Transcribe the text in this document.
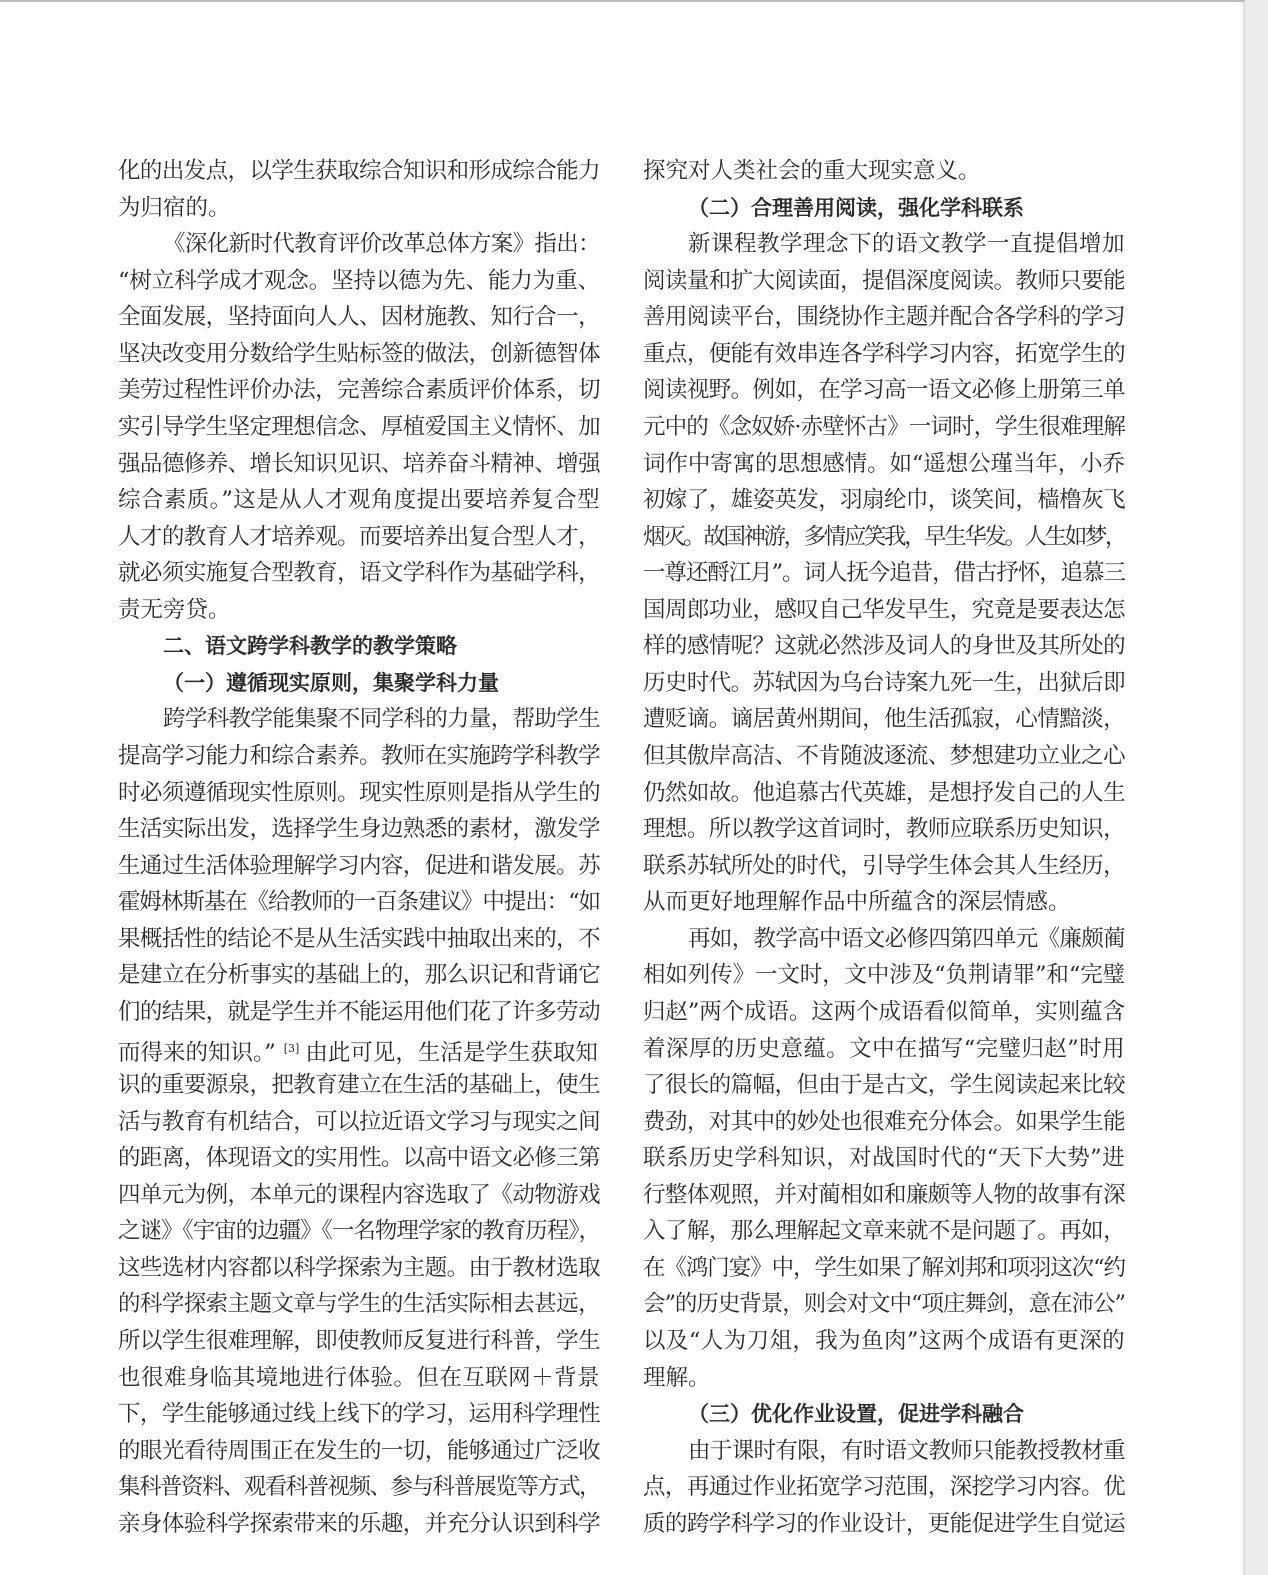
化的出发点，以学生获取综合知识和形成综合能力
为归宿的。
《深化新时代教育评价改革总体方案》指出：
“树立科学成才观念。坚持以德为先、能力为重、
全面发展，坚持面向人人、因材施教、知行合一，
坚决改变用分数给学生贴标签的做法，创新德智体
美劳过程性评价办法，完善综合素质评价体系，切
实引导学生坚定理想信念、厚植爱国主义情怀、加
强品德修养、增长知识见识、培养奋斗精神、增强
综合素质。”这是从人才观角度提出要培养复合型
人才的教育人才培养观。而要培养出复合型人才，
就必须实施复合型教育，语文学科作为基础学科，
责无旁贷。
二、语文跨学科教学的教学策略
（一）遵循现实原则，集聚学科力量
跨学科教学能集聚不同学科的力量，帮助学生
提高学习能力和综合素养。教师在实施跨学科教学
时必须遵循现实性原则。现实性原则是指从学生的
生活实际出发，选择学生身边熟悉的素材，激发学
生通过生活体验理解学习内容，促进和谐发展。苏
霍姆林斯基在《给教师的一百条建议》中提出：“如
果概括性的结论不是从生活实践中抽取出来的，不
是建立在分析事实的基础上的，那么识记和背诵它
们的结果，就是学生并不能运用他们花了许多劳动
而得来的知识。” [3] 由此可见，生活是学生获取知
识的重要源泉，把教育建立在生活的基础上，使生
活与教育有机结合，可以拉近语文学习与现实之间
的距离，体现语文的实用性。以高中语文必修三第
四单元为例，本单元的课程内容选取了《动物游戏
之谜》《宇宙的边疆》《一名物理学家的教育历程》，
这些选材内容都以科学探索为主题。由于教材选取
的科学探索主题文章与学生的生活实际相去甚远，
所以学生很难理解，即使教师反复进行科普，学生
也很难身临其境地进行体验。但在互联网＋背景
下，学生能够通过线上线下的学习，运用科学理性
的眼光看待周围正在发生的一切，能够通过广泛收
集科普资料、观看科普视频、参与科普展览等方式，
亲身体验科学探索带来的乐趣，并充分认识到科学
探究对人类社会的重大现实意义。
（二）合理善用阅读，强化学科联系
新课程教学理念下的语文教学一直提倡增加
阅读量和扩大阅读面，提倡深度阅读。教师只要能
善用阅读平台，围绕协作主题并配合各学科的学习
重点，便能有效串连各学科学习内容，拓宽学生的
阅读视野。例如，在学习高一语文必修上册第三单
元中的《念奴娇·赤壁怀古》一词时，学生很难理解
词作中寄寓的思想感情。如“遥想公瑾当年，小乔
初嫁了，雄姿英发，羽扇纶巾，谈笑间，樯橹灰飞
烟灭。故国神游，多情应笑我，早生华发。人生如梦，
一尊还酹江月”。词人抚今追昔，借古抒怀，追慕三
国周郎功业，感叹自己华发早生，究竟是要表达怎
样的感情呢？这就必然涉及词人的身世及其所处的
历史时代。苏轼因为乌台诗案九死一生，出狱后即
遭贬谪。谪居黄州期间，他生活孤寂，心情黯淡，
但其傲岸高洁、不肯随波逐流、梦想建功立业之心
仍然如故。他追慕古代英雄，是想抒发自己的人生
理想。所以教学这首词时，教师应联系历史知识，
联系苏轼所处的时代，引导学生体会其人生经历，
从而更好地理解作品中所蕴含的深层情感。
再如，教学高中语文必修四第四单元《廉颇蔺
相如列传》一文时，文中涉及“负荆请罪”和“完璧
归赵”两个成语。这两个成语看似简单，实则蕴含
着深厚的历史意蕴。文中在描写“完璧归赵”时用
了很长的篇幅，但由于是古文，学生阅读起来比较
费劲，对其中的妙处也很难充分体会。如果学生能
联系历史学科知识，对战国时代的“天下大势”进
行整体观照，并对蔺相如和廉颇等人物的故事有深
入了解，那么理解起文章来就不是问题了。再如，
在《鸿门宴》中，学生如果了解刘邦和项羽这次“约
会”的历史背景，则会对文中“项庄舞剑，意在沛公”
以及“人为刀俎，我为鱼肉”这两个成语有更深的
理解。
（三）优化作业设置，促进学科融合
由于课时有限，有时语文教师只能教授教材重
点，再通过作业拓宽学习范围，深挖学习内容。优
质的跨学科学习的作业设计，更能促进学生自觉运
